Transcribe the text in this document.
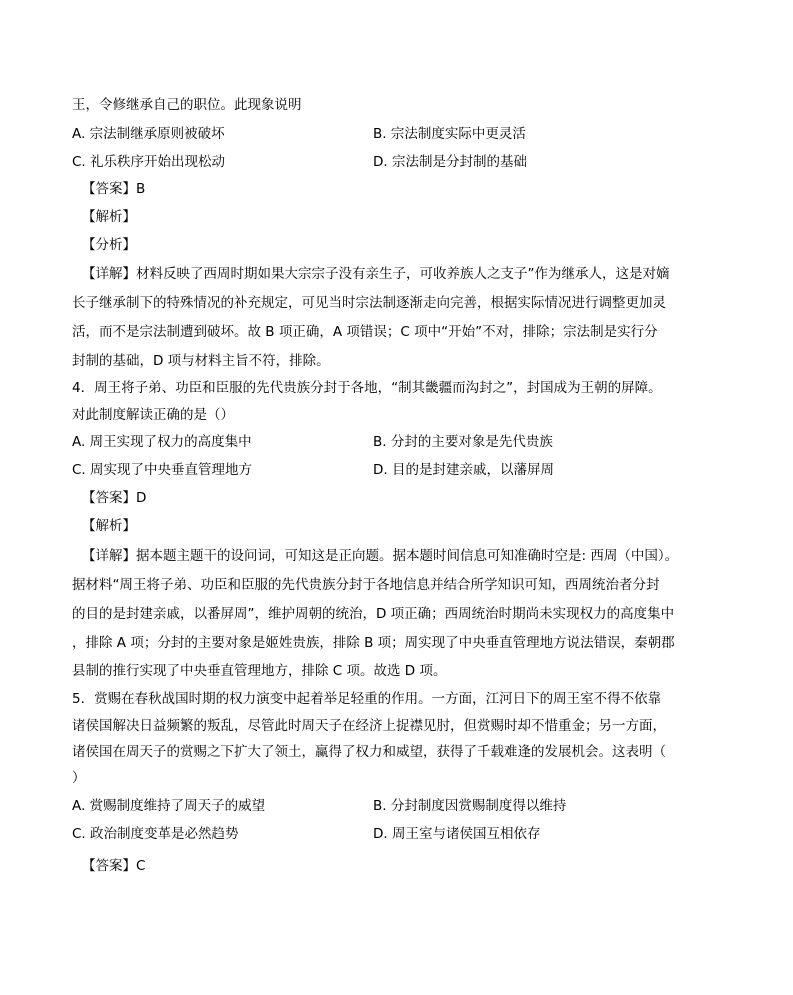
王，令修继承自己的职位。此现象说明
A. 宗法制继承原则被破坏	B. 宗法制度实际中更灵活
C. 礼乐秩序开始出现松动	D. 宗法制是分封制的基础
【答案】B
【解析】
【分析】
【详解】材料反映了西周时期如果大宗宗子没有亲生子，可收养族人之支子”作为继承人，这是对嫡
长子继承制下的特殊情况的补充规定，可见当时宗法制逐渐走向完善，根据实际情况进行调整更加灵
活，而不是宗法制遭到破坏。故 B 项正确，A 项错误；C 项中“开始”不对，排除；宗法制是实行分
封制的基础，D 项与材料主旨不符，排除。
4．周王将子弟、功臣和臣服的先代贵族分封于各地，“制其畿疆而沟封之”，封国成为王朝的屏障。
对此制度解读正确的是（）
A. 周王实现了权力的高度集中	B. 分封的主要对象是先代贵族
C. 周实现了中央垂直管理地方	D. 目的是封建亲戚，以藩屏周
【答案】D
【解析】
【详解】据本题主题干的设问词，可知这是正向题。据本题时间信息可知准确时空是: 西周（中国）。
据材料“周王将子弟、功臣和臣服的先代贵族分封于各地信息并结合所学知识可知，西周统治者分封
的目的是封建亲戚，以番屏周”，维护周朝的统治，D 项正确；西周统治时期尚未实现权力的高度集中
，排除 A 项；分封的主要对象是姬姓贵族，排除 B 项；周实现了中央垂直管理地方说法错误，秦朝郡
县制的推行实现了中央垂直管理地方，排除 C 项。故选 D 项。
5．赏赐在春秋战国时期的权力演变中起着举足轻重的作用。一方面，江河日下的周王室不得不依靠
诸侯国解决日益频繁的叛乱，尽管此时周天子在经济上捉襟见肘，但赏赐时却不惜重金；另一方面，
诸侯国在周天子的赏赐之下扩大了领土，赢得了权力和威望，获得了千载难逢的发展机会。这表明（
）
A. 赏赐制度维持了周天子的威望	B. 分封制度因赏赐制度得以维持
C. 政治制度变革是必然趋势	D. 周王室与诸侯国互相依存
【答案】C
